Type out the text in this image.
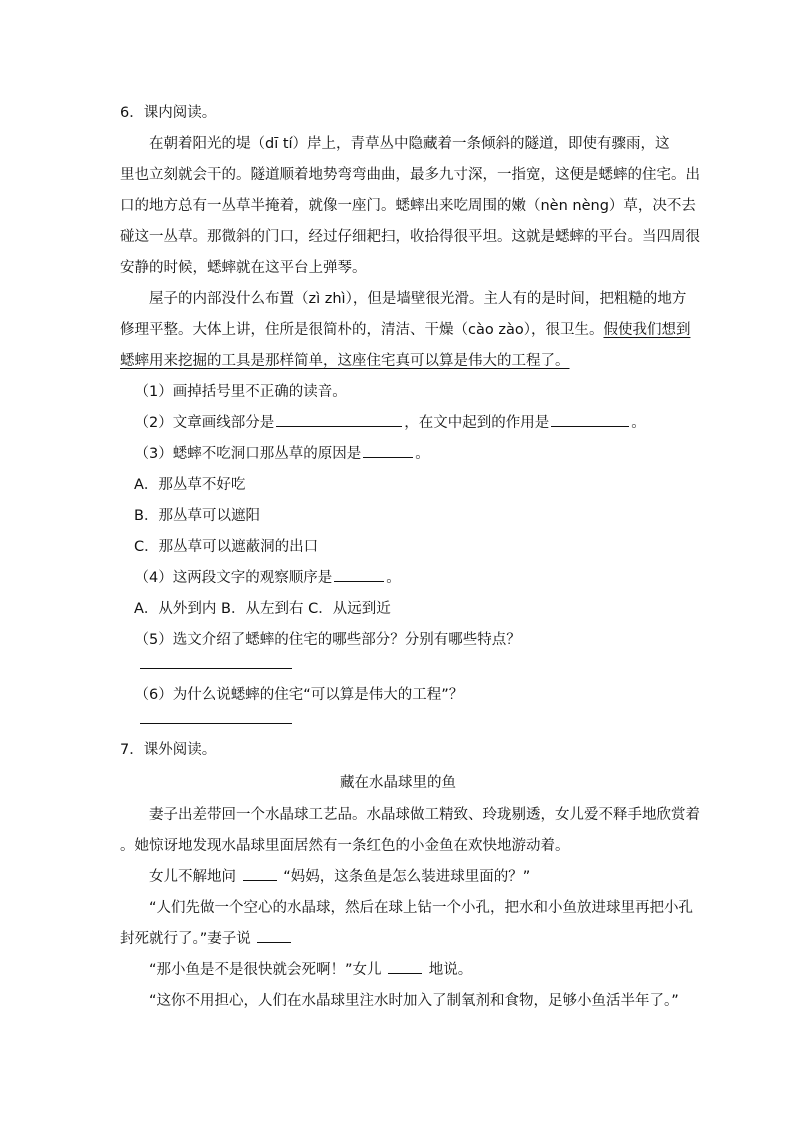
6．课内阅读。
在朝着阳光的堤（dī tí）岸上，青草丛中隐藏着一条倾斜的隧道，即使有骤雨，这
里也立刻就会干的。隧道顺着地势弯弯曲曲，最多九寸深，一指宽，这便是蟋蟀的住宅。出
口的地方总有一丛草半掩着，就像一座门。蟋蟀出来吃周围的嫩（nèn nèng）草，决不去
碰这一丛草。那微斜的门口，经过仔细耙扫，收拾得很平坦。这就是蟋蟀的平台。当四周很
安静的时候，蟋蟀就在这平台上弹琴。
屋子的内部没什么布置（zì zhì），但是墙壁很光滑。主人有的是时间，把粗糙的地方
修理平整。大体上讲，住所是很简朴的，清洁、干燥（cào zào），很卫生。假使我们想到
蟋蟀用来挖掘的工具是那样简单，这座住宅真可以算是伟大的工程了。
（1）画掉括号里不正确的读音。
（2）文章画线部分是	，在文中起到的作用是	。
（3）蟋蟀不吃洞口那丛草的原因是	。
A．那丛草不好吃
B．那丛草可以遮阳
C．那丛草可以遮蔽洞的出口
（4）这两段文字的观察顺序是	。
A．从外到内 B．从左到右 C．从远到近
（5）选文介绍了蟋蟀的住宅的哪些部分？分别有哪些特点？
（6）为什么说蟋蟀的住宅“可以算是伟大的工程”？
7．课外阅读。
藏在水晶球里的鱼
妻子出差带回一个水晶球工艺品。水晶球做工精致、玲珑剔透，女儿爱不释手地欣赏着
。她惊讶地发现水晶球里面居然有一条红色的小金鱼在欢快地游动着。
女儿不解地问	“妈妈，这条鱼是怎么装进球里面的？”
“人们先做一个空心的水晶球，然后在球上钻一个小孔，把水和小鱼放进球里再把小孔
封死就行了。”妻子说
“那小鱼是不是很快就会死啊！”女儿	地说。
“这你不用担心，人们在水晶球里注水时加入了制氧剂和食物，足够小鱼活半年了。”
